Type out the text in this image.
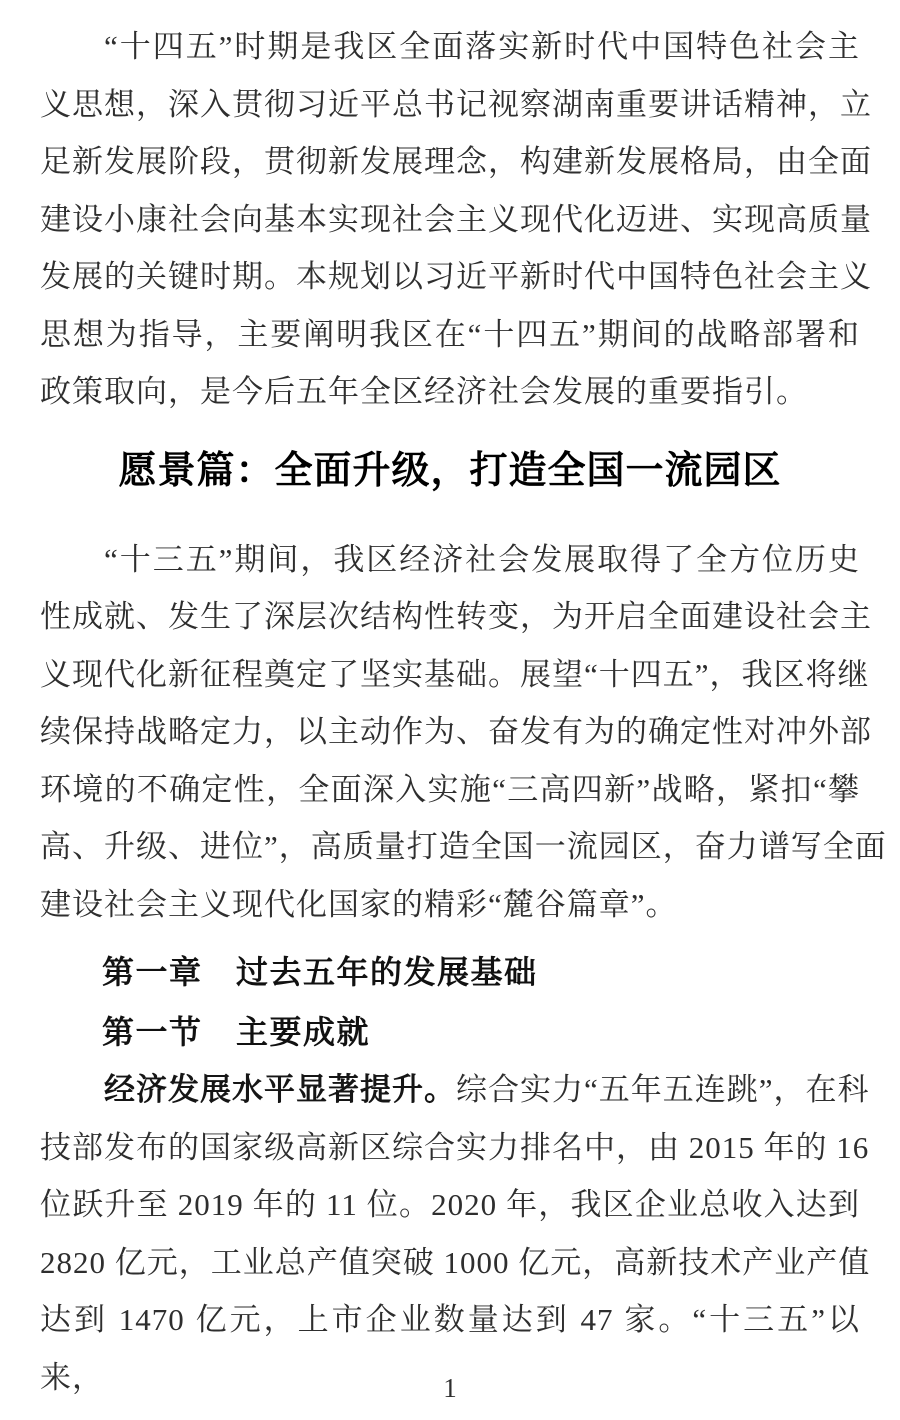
“十四五”时期是我区全面落实新时代中国特色社会主
义思想，深入贯彻习近平总书记视察湖南重要讲话精神，立
足新发展阶段，贯彻新发展理念，构建新发展格局，由全面
建设小康社会向基本实现社会主义现代化迈进、实现高质量
发展的关键时期。本规划以习近平新时代中国特色社会主义
思想为指导，主要阐明我区在“十四五”期间的战略部署和
政策取向，是今后五年全区经济社会发展的重要指引。
愿景篇：全面升级，打造全国一流园区
“十三五”期间，我区经济社会发展取得了全方位历史
性成就、发生了深层次结构性转变，为开启全面建设社会主
义现代化新征程奠定了坚实基础。展望“十四五”，我区将继
续保持战略定力，以主动作为、奋发有为的确定性对冲外部
环境的不确定性，全面深入实施“三高四新”战略，紧扣“攀
高、升级、进位”，高质量打造全国一流园区，奋力谱写全面
建设社会主义现代化国家的精彩“麓谷篇章”。
第一章　过去五年的发展基础
第一节　主要成就
经济发展水平显著提升。综合实力“五年五连跳”，在科
技部发布的国家级高新区综合实力排名中，由 2015 年的 16
位跃升至 2019 年的 11 位。2020 年，我区企业总收入达到
2820 亿元，工业总产值突破 1000 亿元，高新技术产业产值
达到 1470 亿元，上市企业数量达到 47 家。“十三五”以来，	1
